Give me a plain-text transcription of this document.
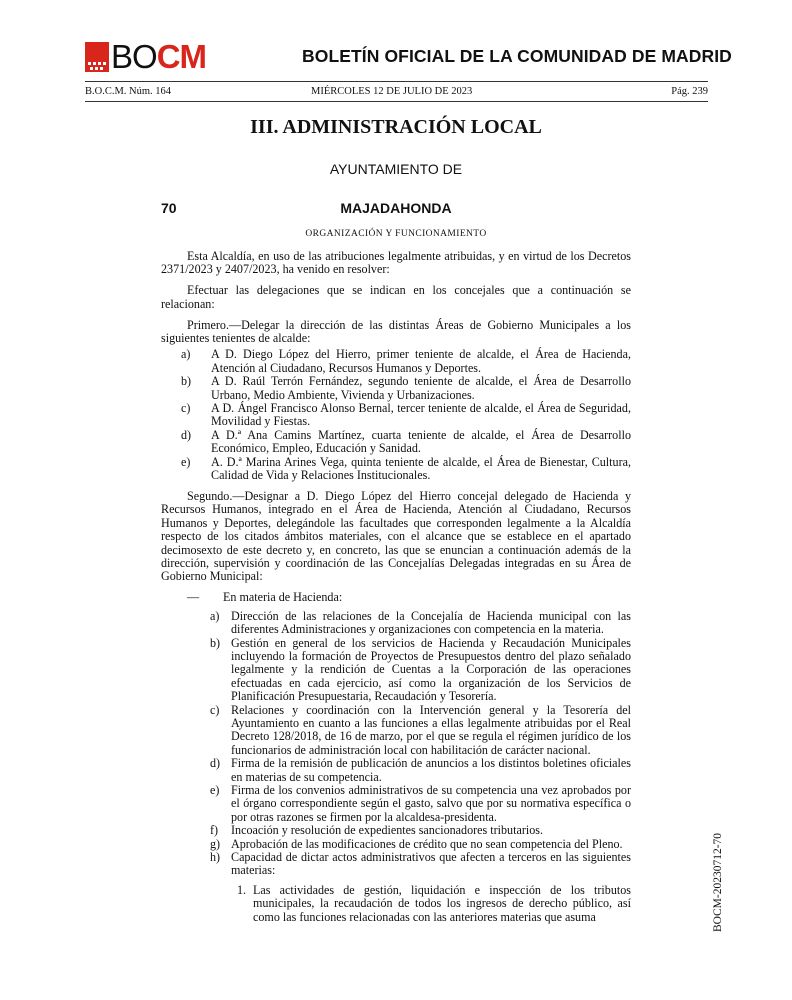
BOCM	BOLETÍN OFICIAL DE LA COMUNIDAD DE MADRID
B.O.C.M. Núm. 164	MIÉRCOLES 12 DE JULIO DE 2023	Pág. 239
III. ADMINISTRACIÓN LOCAL
AYUNTAMIENTO DE
70	MAJADAHONDA
ORGANIZACIÓN Y FUNCIONAMIENTO

Esta Alcaldía, en uso de las atribuciones legalmente atribuidas, y en virtud de los Decretos 2371/2023 y 2407/2023, ha venido en resolver:

Efectuar las delegaciones que se indican en los concejales que a continuación se relacionan:

Primero.—Delegar la dirección de las distintas Áreas de Gobierno Municipales a los siguientes tenientes de alcalde:

a)	A D. Diego López del Hierro, primer teniente de alcalde, el Área de Hacienda, Atención al Ciudadano, Recursos Humanos y Deportes.
b)	A D. Raúl Terrón Fernández, segundo teniente de alcalde, el Área de Desarrollo Urbano, Medio Ambiente, Vivienda y Urbanizaciones.
c)	A D. Ángel Francisco Alonso Bernal, tercer teniente de alcalde, el Área de Seguridad, Movilidad y Fiestas.
d)	A D.ª Ana Camins Martínez, cuarta teniente de alcalde, el Área de Desarrollo Económico, Empleo, Educación y Sanidad.
e)	A. D.ª Marina Arines Vega, quinta teniente de alcalde, el Área de Bienestar, Cultura, Calidad de Vida y Relaciones Institucionales.

Segundo.—Designar a D. Diego López del Hierro concejal delegado de Hacienda y Recursos Humanos, integrado en el Área de Hacienda, Atención al Ciudadano, Recursos Humanos y Deportes, delegándole las facultades que corresponden legalmente a la Alcaldía respecto de los citados ámbitos materiales, con el alcance que se establece en el apartado decimosexto de este decreto y, en concreto, las que se enuncian a continuación además de la dirección, supervisión y coordinación de las Concejalías Delegadas integradas en su Área de Gobierno Municipal:

—	En materia de Hacienda:
a) Dirección de las relaciones de la Concejalía de Hacienda municipal con las diferentes Administraciones y organizaciones con competencia en la materia.
b) Gestión en general de los servicios de Hacienda y Recaudación Municipales incluyendo la formación de Proyectos de Presupuestos dentro del plazo señalado legalmente y la rendición de Cuentas a la Corporación de las operaciones efectuadas en cada ejercicio, así como la organización de los Servicios de Planificación Presupuestaria, Recaudación y Tesorería.
c) Relaciones y coordinación con la Intervención general y la Tesorería del Ayuntamiento en cuanto a las funciones a ellas legalmente atribuidas por el Real Decreto 128/2018, de 16 de marzo, por el que se regula el régimen jurídico de los funcionarios de administración local con habilitación de carácter nacional.
d) Firma de la remisión de publicación de anuncios a los distintos boletines oficiales en materias de su competencia.
e) Firma de los convenios administrativos de su competencia una vez aprobados por el órgano correspondiente según el gasto, salvo que por su normativa específica o por otras razones se firmen por la alcaldesa-presidenta.
f)	Incoación y resolución de expedientes sancionadores tributarios.
g) Aprobación de las modificaciones de crédito que no sean competencia del Pleno.
h) Capacidad de dictar actos administrativos que afecten a terceros en las siguientes materias:
1. Las actividades de gestión, liquidación e inspección de los tributos municipales, la recaudación de todos los ingresos de derecho público, así como las funciones relacionadas con las anteriores materias que asuma	BOCM-20230712-70
